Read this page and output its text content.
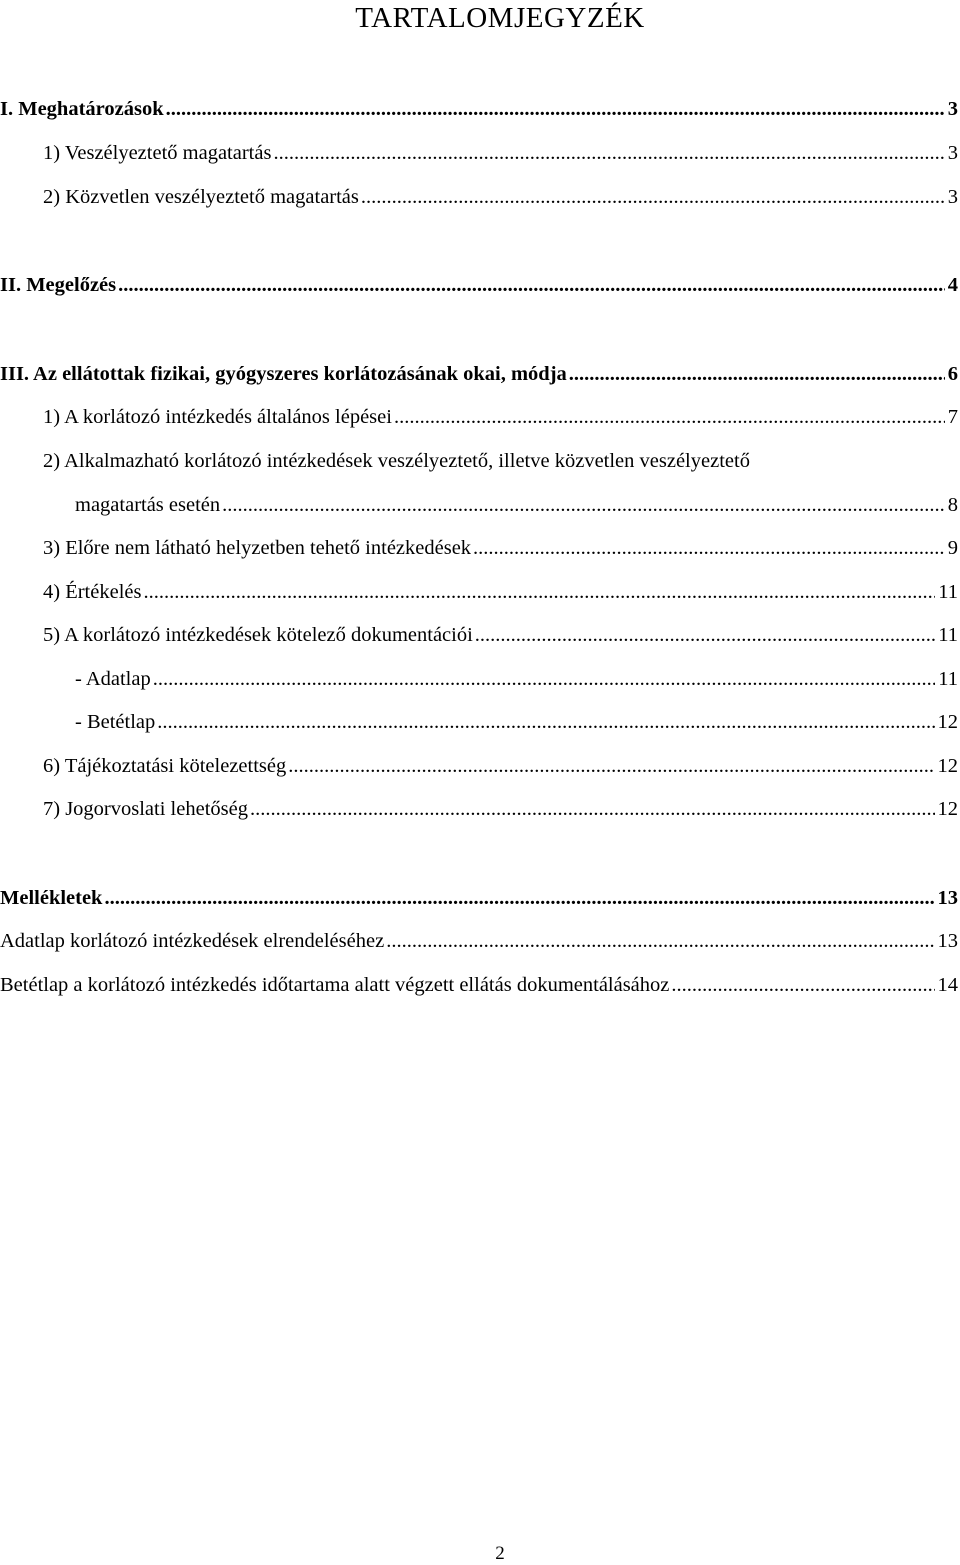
TARTALOMJEGYZÉK
I. Meghatározások .....	3
1) Veszélyeztető magatartás .....	3
2) Közvetlen veszélyeztető magatartás .....	3
II. Megelőzés .....	4
III. Az ellátottak fizikai, gyógyszeres korlátozásának okai, módja .....	6
1) A korlátozó intézkedés általános lépései .....	7
2) Alkalmazható korlátozó intézkedések veszélyeztető, illetve közvetlen veszélyeztető
magatartás esetén .....	8
3) Előre nem látható helyzetben tehető intézkedések .....	9
4) Értékelés .....	11
5) A korlátozó intézkedések kötelező dokumentációi .....	11
- Adatlap .....	11
- Betétlap .....	12
6) Tájékoztatási kötelezettség .....	12
7) Jogorvoslati lehetőség .....	12
Mellékletek .....	13
Adatlap korlátozó intézkedések elrendeléséhez .....	13
Betétlap a korlátozó intézkedés időtartama alatt végzett ellátás dokumentálásához .....	14
2
